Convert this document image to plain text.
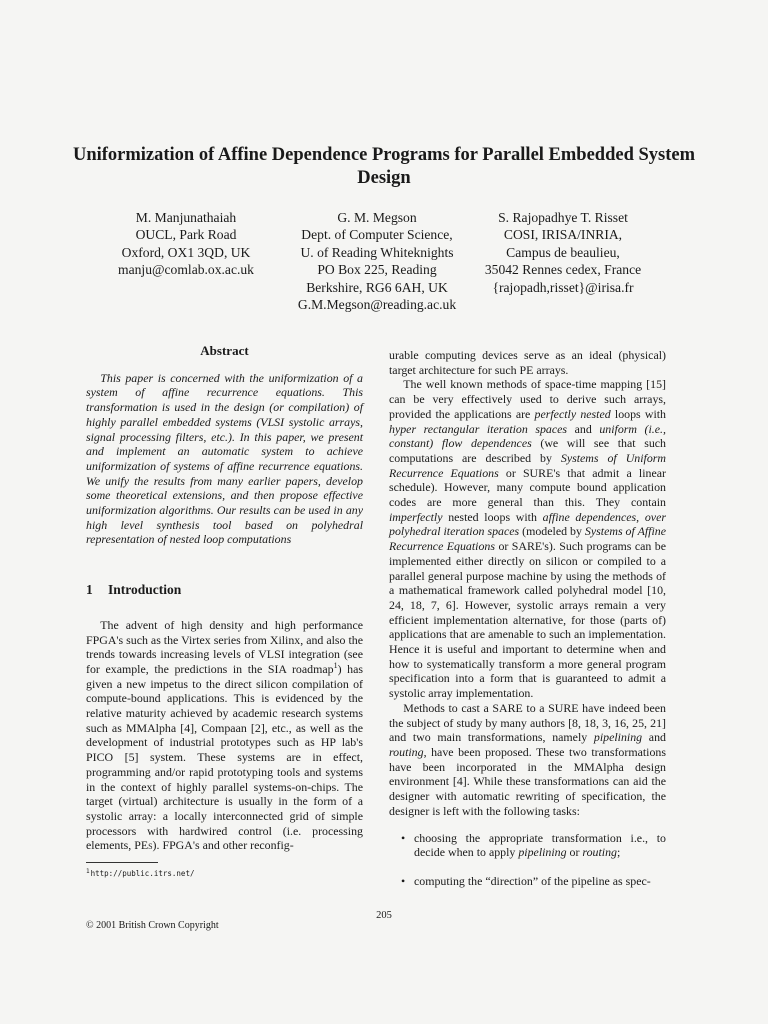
Uniformization of Affine Dependence Programs for Parallel Embedded System Design
M. Manjunathaiah
OUCL, Park Road
Oxford, OX1 3QD, UK
manju@comlab.ox.ac.uk
G. M. Megson
Dept. of Computer Science,
U. of Reading Whiteknights
PO Box 225, Reading
Berkshire, RG6 6AH, UK
G.M.Megson@reading.ac.uk
S. Rajopadhye T. Risset
COSI, IRISA/INRIA,
Campus de beaulieu,
35042 Rennes cedex, France
{rajopadh,risset}@irisa.fr
Abstract

This paper is concerned with the uniformization of a system of affine recurrence equations. This transformation is used in the design (or compilation) of highly parallel embedded systems (VLSI systolic arrays, signal processing filters, etc.). In this paper, we present and implement an automatic system to achieve uniformization of systems of affine recurrence equations. We unify the results from many earlier papers, develop some theoretical extensions, and then propose effective uniformization algorithms. Our results can be used in any high level synthesis tool based on polyhedral representation of nested loop computations

1	Introduction

The advent of high density and high performance FPGA's such as the Virtex series from Xilinx, and also the trends towards increasing levels of VLSI integration (see for example, the predictions in the SIA roadmap$^1$) has given a new impetus to the direct silicon compilation of compute-bound applications. This is evidenced by the relative maturity achieved by academic research systems such as MMAlpha [4], Compaan [2], etc., as well as the development of industrial prototypes such as HP lab's PICO [5] system. These systems are in effect, programming and/or rapid prototyping tools and systems in the context of highly parallel systems-on-chips. The target (virtual) architecture is usually in the form of a systolic array: a locally interconnected grid of simple processors with hardwired control (i.e. processing elements, PEs). FPGA's and other reconfig-

$^1$http://public.itrs.net/

urable computing devices serve as an ideal (physical) target architecture for such PE arrays.

The well known methods of space-time mapping [15] can be very effectively used to derive such arrays, provided the applications are perfectly nested loops with hyper rectangular iteration spaces and uniform (i.e., constant) flow dependences (we will see that such computations are described by Systems of Uniform Recurrence Equations or SURE's that admit a linear schedule). However, many compute bound application codes are more general than this. They contain imperfectly nested loops with affine dependences, over polyhedral iteration spaces (modeled by Systems of Affine Recurrence Equations or SARE's). Such programs can be implemented either directly on silicon or compiled to a parallel general purpose machine by using the methods of a mathematical framework called polyhedral model [10, 24, 18, 7, 6]. However, systolic arrays remain a very efficient implementation alternative, for those (parts of) applications that are amenable to such an implementation. Hence it is useful and important to determine when and how to systematically transform a more general program specification into a form that is guaranteed to admit a systolic array implementation.

Methods to cast a SARE to a SURE have indeed been the subject of study by many authors [8, 18, 3, 16, 25, 21] and two main transformations, namely pipelining and routing, have been proposed. These two transformations have been incorporated in the MMAlpha design environment [4]. While these transformations can aid the designer with automatic rewriting of specification, the designer is left with the following tasks:

• choosing the appropriate transformation i.e., to decide when to apply pipelining or routing;
• computing the “direction” of the pipeline as spec-
205
© 2001 British Crown Copyright
